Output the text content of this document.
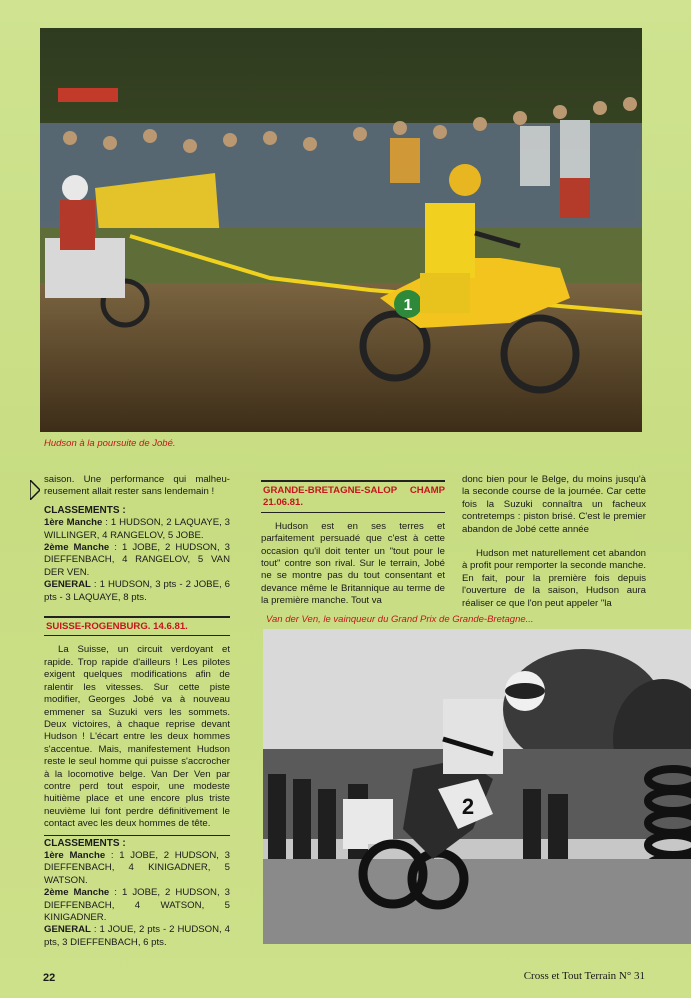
1
Hudson à la poursuite de Jobé.

saison. Une performance qui malheu-reusement allait rester sans lendemain !

CLASSEMENTS :

1ère Manche : 1 HUDSON, 2 LAQUAYE, 3 WILLINGER, 4 RANGELOV, 5 JOBE.

2ème Manche : 1 JOBE, 2 HUDSON, 3 DIEFFENBACH, 4 RANGELOV, 5 VAN DER VEN.

GENERAL : 1 HUDSON, 3 pts - 2 JOBE, 6 pts - 3 LAQUAYE, 8 pts.

SUISSE-ROGENBURG. 14.6.81.

La Suisse, un circuit verdoyant et rapide. Trop rapide d'ailleurs ! Les pilotes exigent quelques modifications afin de ralentir les vitesses. Sur cette piste modifier, Georges Jobé va à nouveau emmener sa Suzuki vers les sommets. Deux victoires, à chaque reprise devant Hudson ! L'écart entre les deux hommes s'accentue. Mais, manifestement Hudson reste le seul homme qui puisse s'accrocher à la locomotive belge. Van Der Ven par contre perd tout espoir, une modeste huitième place et une encore plus triste neuvième lui font perdre définitivement le contact avec les deux hommes de tête.

CLASSEMENTS :

1ère Manche : 1 JOBE, 2 HUDSON, 3 DIEFFENBACH, 4 KINIGADNER, 5 WATSON.

2ème Manche : 1 JOBE, 2 HUDSON, 3 DIEFFENBACH, 4 WATSON, 5 KINIGADNER.

GENERAL : 1 JOUE, 2 pts - 2 HUDSON, 4 pts, 3 DIEFFENBACH, 6 pts.

GRANDE-BRETAGNE-SALOP CHAMP 21.06.81.

Hudson est en ses terres et parfaitement persuadé que c'est à cette occasion qu'il doit tenter un "tout pour le tout" contre son rival. Sur le terrain, Jobé ne se montre pas du tout consentant et devance même le Britannique au terme de la première manche. Tout va

donc bien pour le Belge, du moins jusqu'à la seconde course de la journée. Car cette fois la Suzuki connaîtra un facheux contretemps : piston brisé. C'est le premier abandon de Jobé cette année

Hudson met naturellement cet abandon à profit pour remporter la seconde manche. En fait, pour la première fois depuis l'ouverture de la saison, Hudson aura réaliser ce que l'on peut appeler "la

Van der Ven, le vainqueur du Grand Prix de Grande-Bretagne...
2
22	Cross et Tout Terrain N° 31
